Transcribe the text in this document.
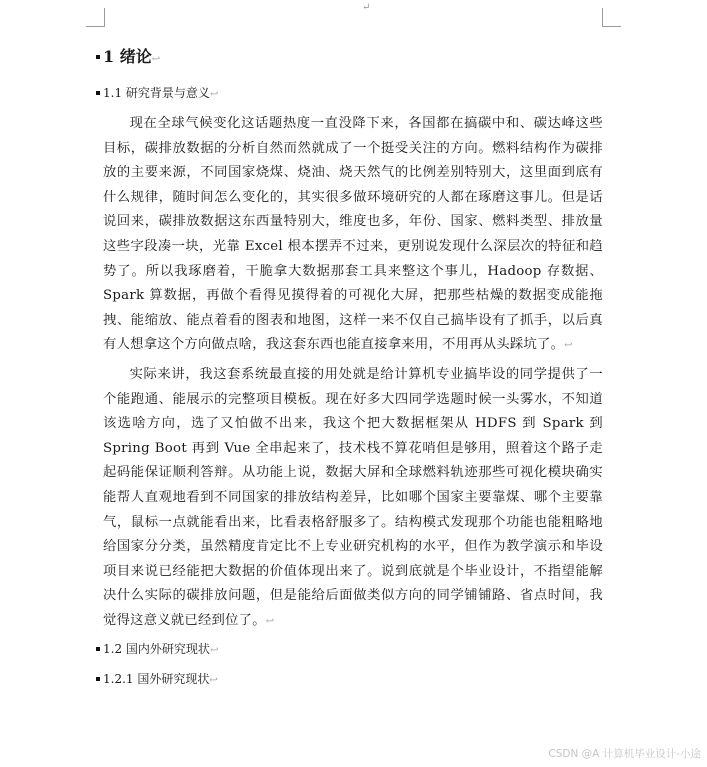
↵
1 绪论↩
1.1 研究背景与意义↩

现在全球气候变化这话题热度一直没降下来，各国都在搞碳中和、碳达峰这些目标，碳排放数据的分析自然而然就成了一个挺受关注的方向。燃料结构作为碳排放的主要来源，不同国家烧煤、烧油、烧天然气的比例差别特别大，这里面到底有什么规律，随时间怎么变化的，其实很多做环境研究的人都在琢磨这事儿。但是话说回来，碳排放数据这东西量特别大，维度也多，年份、国家、燃料类型、排放量这些字段凑一块，光靠 Excel 根本摆弄不过来，更别说发现什么深层次的特征和趋势了。所以我琢磨着，干脆拿大数据那套工具来整这个事儿，Hadoop 存数据、Spark 算数据，再做个看得见摸得着的可视化大屏，把那些枯燥的数据变成能拖拽、能缩放、能点着看的图表和地图，这样一来不仅自己搞毕设有了抓手，以后真有人想拿这个方向做点啥，我这套东西也能直接拿来用，不用再从头踩坑了。↩

实际来讲，我这套系统最直接的用处就是给计算机专业搞毕设的同学提供了一个能跑通、能展示的完整项目模板。现在好多大四同学选题时候一头雾水，不知道该选啥方向，选了又怕做不出来，我这个把大数据框架从 HDFS 到 Spark 到 Spring Boot 再到 Vue 全串起来了，技术栈不算花哨但是够用，照着这个路子走起码能保证顺利答辩。从功能上说，数据大屏和全球燃料轨迹那些可视化模块确实能帮人直观地看到不同国家的排放结构差异，比如哪个国家主要靠煤、哪个主要靠气，鼠标一点就能看出来，比看表格舒服多了。结构模式发现那个功能也能粗略地给国家分分类，虽然精度肯定比不上专业研究机构的水平，但作为教学演示和毕设项目来说已经能把大数据的价值体现出来了。说到底就是个毕业设计，不指望能解决什么实际的碳排放问题，但是能给后面做类似方向的同学铺铺路、省点时间，我觉得这意义就已经到位了。↩

1.2 国内外研究现状↩
1.2.1 国外研究现状↩
CSDN @A 计算机毕业设计-小途
